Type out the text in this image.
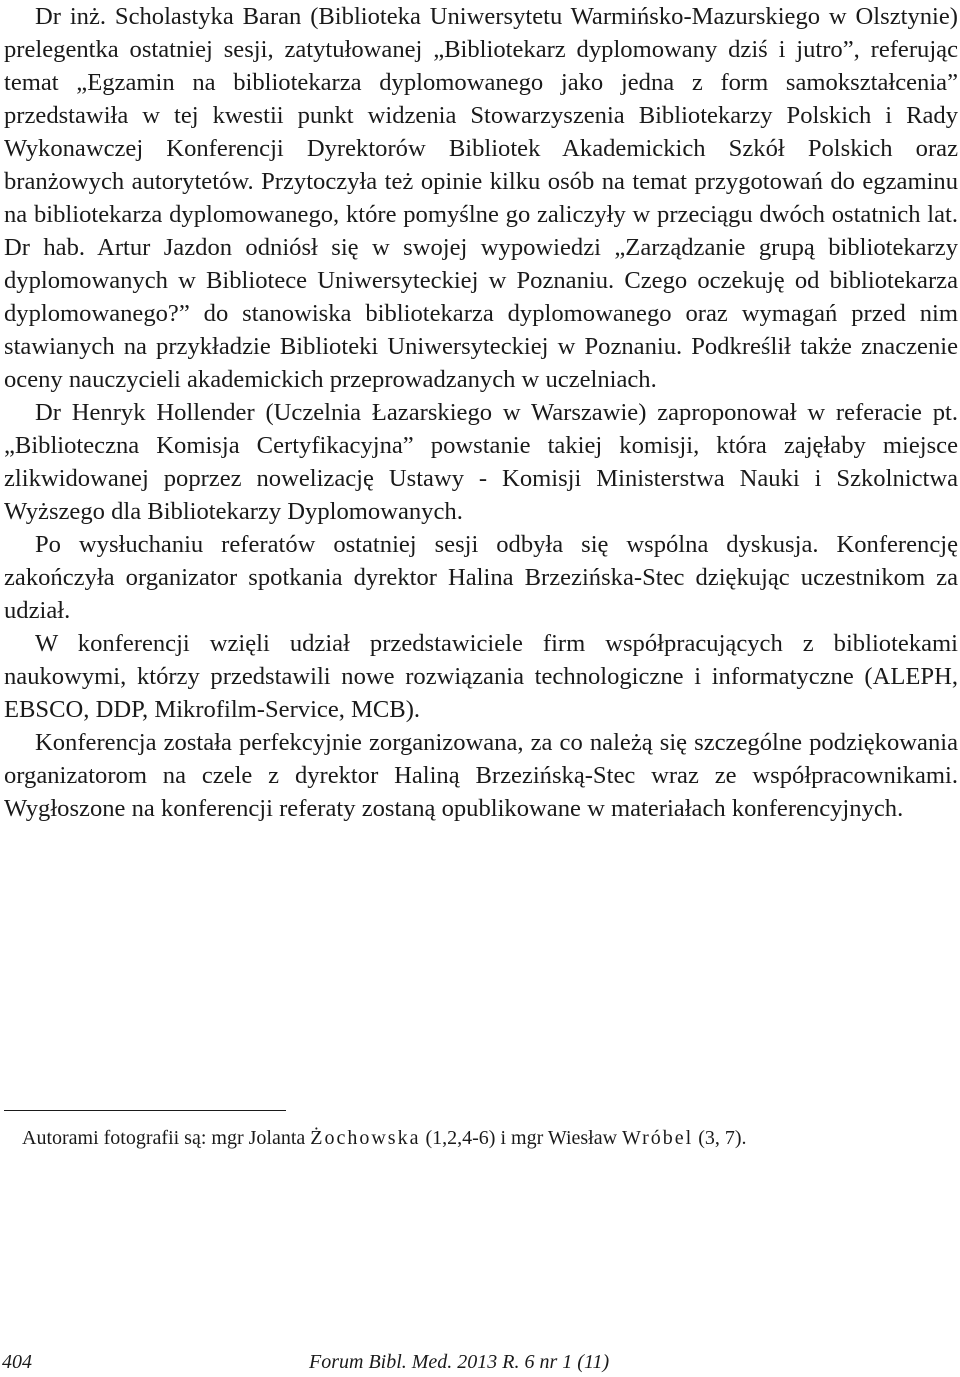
Dr inż. Scholastyka Baran (Biblioteka Uniwersytetu Warmińsko-Mazurskiego w Olsztynie) prelegentka ostatniej sesji, zatytułowanej „Bibliotekarz dyplomowany dziś i jutro”, referując temat „Egzamin na bibliotekarza dyplomowanego jako jedna z form samokształcenia” przedstawiła w tej kwestii punkt widzenia Stowarzyszenia Bibliotekarzy Polskich i Rady Wykonawczej Konferencji Dyrektorów Bibliotek Akademickich Szkół Polskich oraz branżowych autorytetów. Przytoczyła też opinie kilku osób na temat przygotowań do egzaminu na bibliotekarza dyplomowanego, które pomyślne go zaliczyły w przeciągu dwóch ostatnich lat. Dr hab. Artur Jazdon odniósł się w swojej wypowiedzi „Zarządzanie grupą bibliotekarzy dyplomowanych w Bibliotece Uniwersyteckiej w Poznaniu. Czego oczekuję od bibliotekarza dyplomowanego?” do stanowiska bibliotekarza dyplomowanego oraz wymagań przed nim stawianych na przykładzie Biblioteki Uniwersyteckiej w Poznaniu. Podkreślił także znaczenie oceny nauczycieli akademickich przeprowadzanych w uczelniach.

Dr Henryk Hollender (Uczelnia Łazarskiego w Warszawie) zaproponował w referacie pt. „Biblioteczna Komisja Certyfikacyjna” powstanie takiej komisji, która zajęłaby miejsce zlikwidowanej poprzez nowelizację Ustawy - Komisji Ministerstwa Nauki i Szkolnictwa Wyższego dla Bibliotekarzy Dyplomowanych.

Po wysłuchaniu referatów ostatniej sesji odbyła się wspólna dyskusja. Konferencję zakończyła organizator spotkania dyrektor Halina Brzezińska-Stec dziękując uczestnikom za udział.

W konferencji wzięli udział przedstawiciele firm współpracujących z bibliotekami naukowymi, którzy przedstawili nowe rozwiązania technologiczne i informatyczne (ALEPH, EBSCO, DDP, Mikrofilm-Service, MCB).

Konferencja została perfekcyjnie zorganizowana, za co należą się szczególne podziękowania organizatorom na czele z dyrektor Haliną Brzezińską-Stec wraz ze współpracownikami. Wygłoszone na konferencji referaty zostaną opublikowane w materiałach konferencyjnych.

Autorami fotografii są: mgr Jolanta Żochowska (1,2,4-6) i mgr Wiesław Wróbel (3, 7).
404	Forum Bibl. Med. 2013 R. 6 nr 1 (11)
